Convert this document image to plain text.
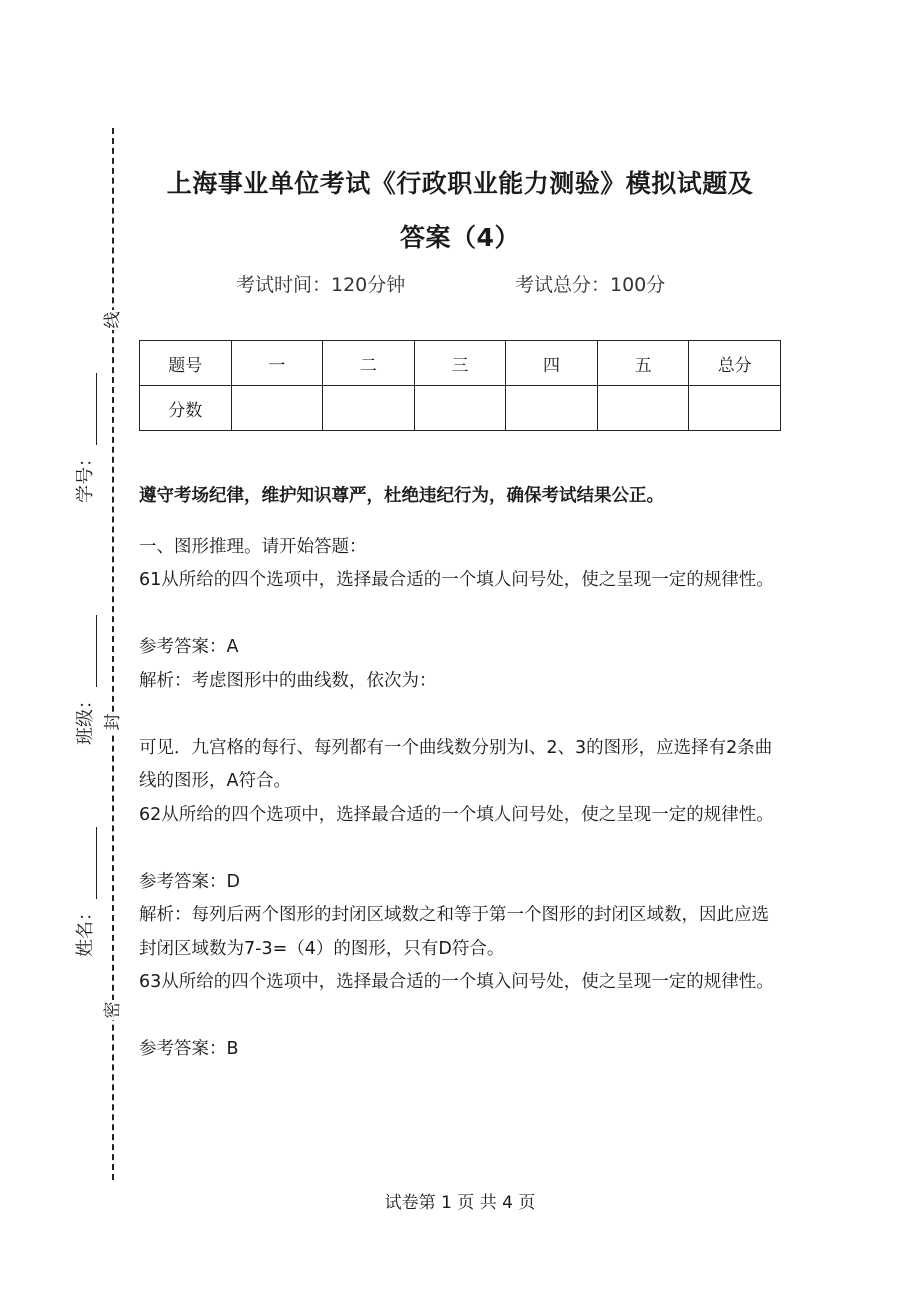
线
封
密
学号：
班级：
姓名：
上海事业单位考试《行政职业能力测验》模拟试题及
答案（4）
考试时间：120分钟	考试总分：100分
题号	一	二	三	四	五	总分
分数						

遵守考场纪律，维护知识尊严，杜绝违纪行为，确保考试结果公正。

一、图形推理。请开始答题：

61从所给的四个选项中，选择最合适的一个填人问号处，使之呈现一定的规律性。

参考答案：A

解析：考虑图形中的曲线数，依次为：

可见．九宫格的每行、每列都有一个曲线数分别为l、2、3的图形，应选择有2条曲线的图形，A符合。

62从所给的四个选项中，选择最合适的一个填人问号处，使之呈现一定的规律性。

参考答案：D

解析：每列后两个图形的封闭区域数之和等于第一个图形的封闭区域数，因此应选封闭区域数为7-3=（4）的图形，只有D符合。

63从所给的四个选项中，选择最合适的一个填入问号处，使之呈现一定的规律性。

参考答案：B

试卷第 1 页 共 4 页
